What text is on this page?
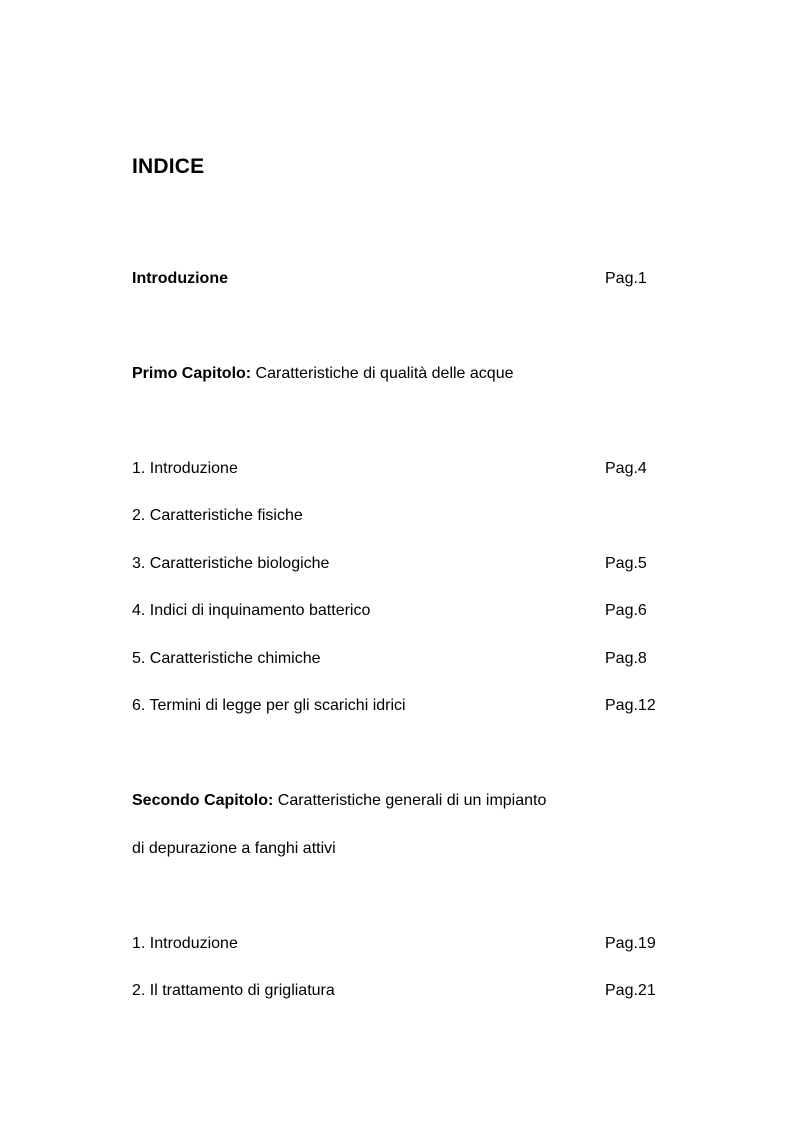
INDICE
Introduzione	Pag.1
Primo Capitolo: Caratteristiche di qualità delle acque
1. Introduzione	Pag.4
2. Caratteristiche fisiche
3. Caratteristiche biologiche	Pag.5
4. Indici di inquinamento batterico	Pag.6
5. Caratteristiche chimiche	Pag.8
6. Termini di legge per gli scarichi idrici	Pag.12
Secondo Capitolo: Caratteristiche generali di un impianto
di depurazione a fanghi attivi
1. Introduzione	Pag.19
2. Il trattamento di grigliatura	Pag.21
